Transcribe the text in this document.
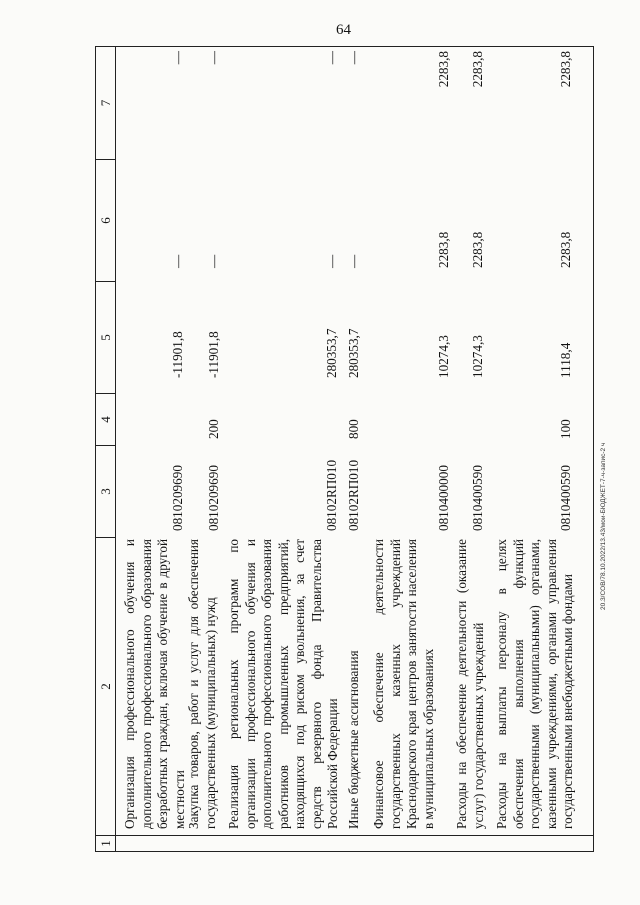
64
20.3/COB/78.10.2022/13.43/мои-БЮДЖЕТ-7-ч-запис-2 ч
1
2
3
4
5
6
7
Организация профессионального обучения и дополнительного профессионального образования безработных граждан, включая обучение в другой местности
0810209690
-11901,8
—
—
Закупка товаров, работ и услуг для обеспечения государственных (муниципальных) нужд
0810209690
200
-11901,8
—
—
Реализация региональных программ по организации профессионального обучения и дополнительного профессионального образования работников промышленных предприятий, находящихся под риском увольнения, за счет средств резервного фонда Правительства Российской Федерации
08102RП010
280353,7
—
—
Иные бюджетные ассигнования
08102RП010
800
280353,7
—
—
Финансовое обеспечение деятельности государственных казенных учреждений Краснодарского края центров занятости населения в муниципальных образованиях
0810400000
10274,3
2283,8
2283,8
Расходы на обеспечение деятельности (оказание услуг) государственных учреждений
0810400590
10274,3
2283,8
2283,8
Расходы на выплаты персоналу в целях обеспечения выполнения функций государственными (муниципальными) органами, казенными учреждениями, органами управления государственными внебюджетными фондами
0810400590
100
1118,4
2283,8
2283,8
